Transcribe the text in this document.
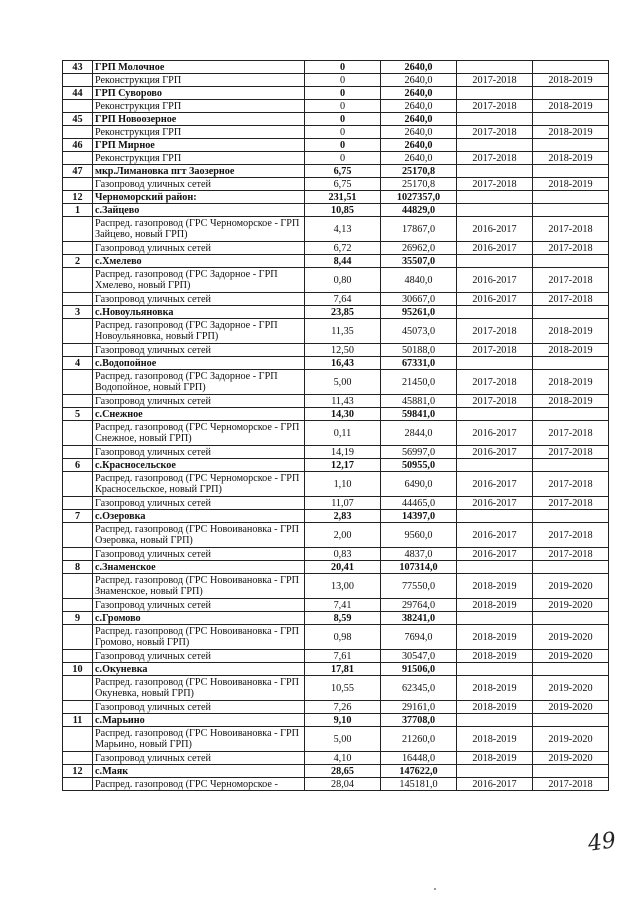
43	ГРП Молочное	0	2640,0		
	Реконструкция ГРП	0	2640,0	2017-2018	2018-2019
44	ГРП Суворово	0	2640,0		
	Реконструкция ГРП	0	2640,0	2017-2018	2018-2019
45	ГРП Новоозерное	0	2640,0		
	Реконструкция ГРП	0	2640,0	2017-2018	2018-2019
46	ГРП Мирное	0	2640,0		
	Реконструкция ГРП	0	2640,0	2017-2018	2018-2019
47	мкр.Лимановка пгт Заозерное	6,75	25170,8		
	Газопровод уличных сетей	6,75	25170,8	2017-2018	2018-2019
12	Черноморский район:	231,51	1027357,0		
1	с.Зайцево	10,85	44829,0		
	Распред. газопровод (ГРС Черноморское - ГРП Зайцево, новый ГРП)	4,13	17867,0	2016-2017	2017-2018
	Газопровод уличных сетей	6,72	26962,0	2016-2017	2017-2018
2	с.Хмелево	8,44	35507,0		
	Распред. газопровод (ГРС Задорное - ГРП Хмелево, новый ГРП)	0,80	4840,0	2016-2017	2017-2018
	Газопровод уличных сетей	7,64	30667,0	2016-2017	2017-2018
3	с.Новоульяновка	23,85	95261,0		
	Распред. газопровод (ГРС Задорное - ГРП Новоульяновка, новый ГРП)	11,35	45073,0	2017-2018	2018-2019
	Газопровод уличных сетей	12,50	50188,0	2017-2018	2018-2019
4	с.Водопойное	16,43	67331,0		
	Распред. газопровод (ГРС Задорное - ГРП Водопойное, новый ГРП)	5,00	21450,0	2017-2018	2018-2019
	Газопровод уличных сетей	11,43	45881,0	2017-2018	2018-2019
5	с.Снежное	14,30	59841,0		
	Распред. газопровод (ГРС Черноморское - ГРП Снежное, новый ГРП)	0,11	2844,0	2016-2017	2017-2018
	Газопровод уличных сетей	14,19	56997,0	2016-2017	2017-2018
6	с.Красносельское	12,17	50955,0		
	Распред. газопровод (ГРС Черноморское - ГРП Красносельское, новый ГРП)	1,10	6490,0	2016-2017	2017-2018
	Газопровод уличных сетей	11,07	44465,0	2016-2017	2017-2018
7	с.Озеровка	2,83	14397,0		
	Распред. газопровод (ГРС Новоивановка - ГРП Озеровка, новый ГРП)	2,00	9560,0	2016-2017	2017-2018
	Газопровод уличных сетей	0,83	4837,0	2016-2017	2017-2018
8	с.Знаменское	20,41	107314,0		
	Распред. газопровод (ГРС Новоивановка - ГРП Знаменское, новый ГРП)	13,00	77550,0	2018-2019	2019-2020
	Газопровод уличных сетей	7,41	29764,0	2018-2019	2019-2020
9	с.Громово	8,59	38241,0		
	Распред. газопровод (ГРС Новоивановка - ГРП Громово, новый ГРП)	0,98	7694,0	2018-2019	2019-2020
	Газопровод уличных сетей	7,61	30547,0	2018-2019	2019-2020
10	с.Окуневка	17,81	91506,0		
	Распред. газопровод (ГРС Новоивановка - ГРП Окуневка, новый ГРП)	10,55	62345,0	2018-2019	2019-2020
	Газопровод уличных сетей	7,26	29161,0	2018-2019	2019-2020
11	с.Марьино	9,10	37708,0		
	Распред. газопровод (ГРС Новоивановка - ГРП Марьино, новый ГРП)	5,00	21260,0	2018-2019	2019-2020
	Газопровод уличных сетей	4,10	16448,0	2018-2019	2019-2020
12	с.Маяк	28,65	147622,0		
	Распред. газопровод (ГРС Черноморское -	28,04	145181,0	2016-2017	2017-2018
49
